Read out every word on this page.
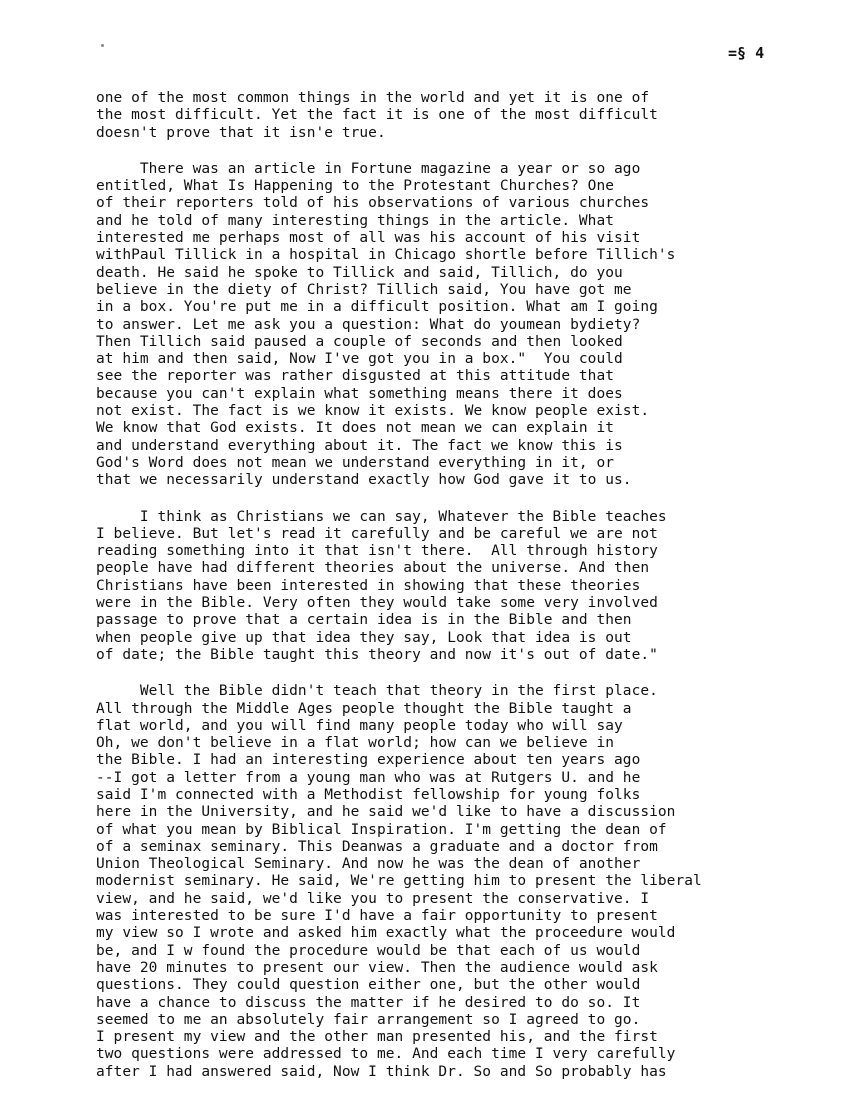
=§ 4
one of the most common things in the world and yet it is one of
the most difficult. Yet the fact it is one of the most difficult
doesn't prove that it isn'e true.
There was an article in Fortune magazine a year or so ago
entitled, What Is Happening to the Protestant Churches? One
of their reporters told of his observations of various churches
and he told of many interesting things in the article. What
interested me perhaps most of all was his account of his visit
withPaul Tillick in a hospital in Chicago shortle before Tillich's
death. He said he spoke to Tillick and said, Tillich, do you
believe in the diety of Christ? Tillich said, You have got me
in a box. You're put me in a difficult position. What am I going
to answer. Let me ask you a question: What do youmean bydiety?
Then Tillich said paused a couple of seconds and then looked
at him and then said, Now I've got you in a box."  You could
see the reporter was rather disgusted at this attitude that
because you can't explain what something means there it does
not exist. The fact is we know it exists. We know people exist.
We know that God exists. It does not mean we can explain it
and understand everything about it. The fact we know this is
God's Word does not mean we understand everything in it, or
that we necessarily understand exactly how God gave it to us.
I think as Christians we can say, Whatever the Bible teaches
I believe. But let's read it carefully and be careful we are not
reading something into it that isn't there.  All through history
people have had different theories about the universe. And then
Christians have been interested in showing that these theories
were in the Bible. Very often they would take some very involved
passage to prove that a certain idea is in the Bible and then
when people give up that idea they say, Look that idea is out
of date; the Bible taught this theory and now it's out of date."
Well the Bible didn't teach that theory in the first place.
All through the Middle Ages people thought the Bible taught a
flat world, and you will find many people today who will say
Oh, we don't believe in a flat world; how can we believe in
the Bible. I had an interesting experience about ten years ago
--I got a letter from a young man who was at Rutgers U. and he
said I'm connected with a Methodist fellowship for young folks
here in the University, and he said we'd like to have a discussion
of what you mean by Biblical Inspiration. I'm getting the dean of
of a seminax seminary. This Deanwas a graduate and a doctor from
Union Theological Seminary. And now he was the dean of another
modernist seminary. He said, We're getting him to present the liberal
view, and he said, we'd like you to present the conservative. I
was interested to be sure I'd have a fair opportunity to present
my view so I wrote and asked him exactly what the proceedure would
be, and I w found the procedure would be that each of us would
have 20 minutes to present our view. Then the audience would ask
questions. They could question either one, but the other would
have a chance to discuss the matter if he desired to do so. It
seemed to me an absolutely fair arrangement so I agreed to go.
I present my view and the other man presented his, and the first
two questions were addressed to me. And each time I very carefully
after I had answered said, Now I think Dr. So and So probably has
